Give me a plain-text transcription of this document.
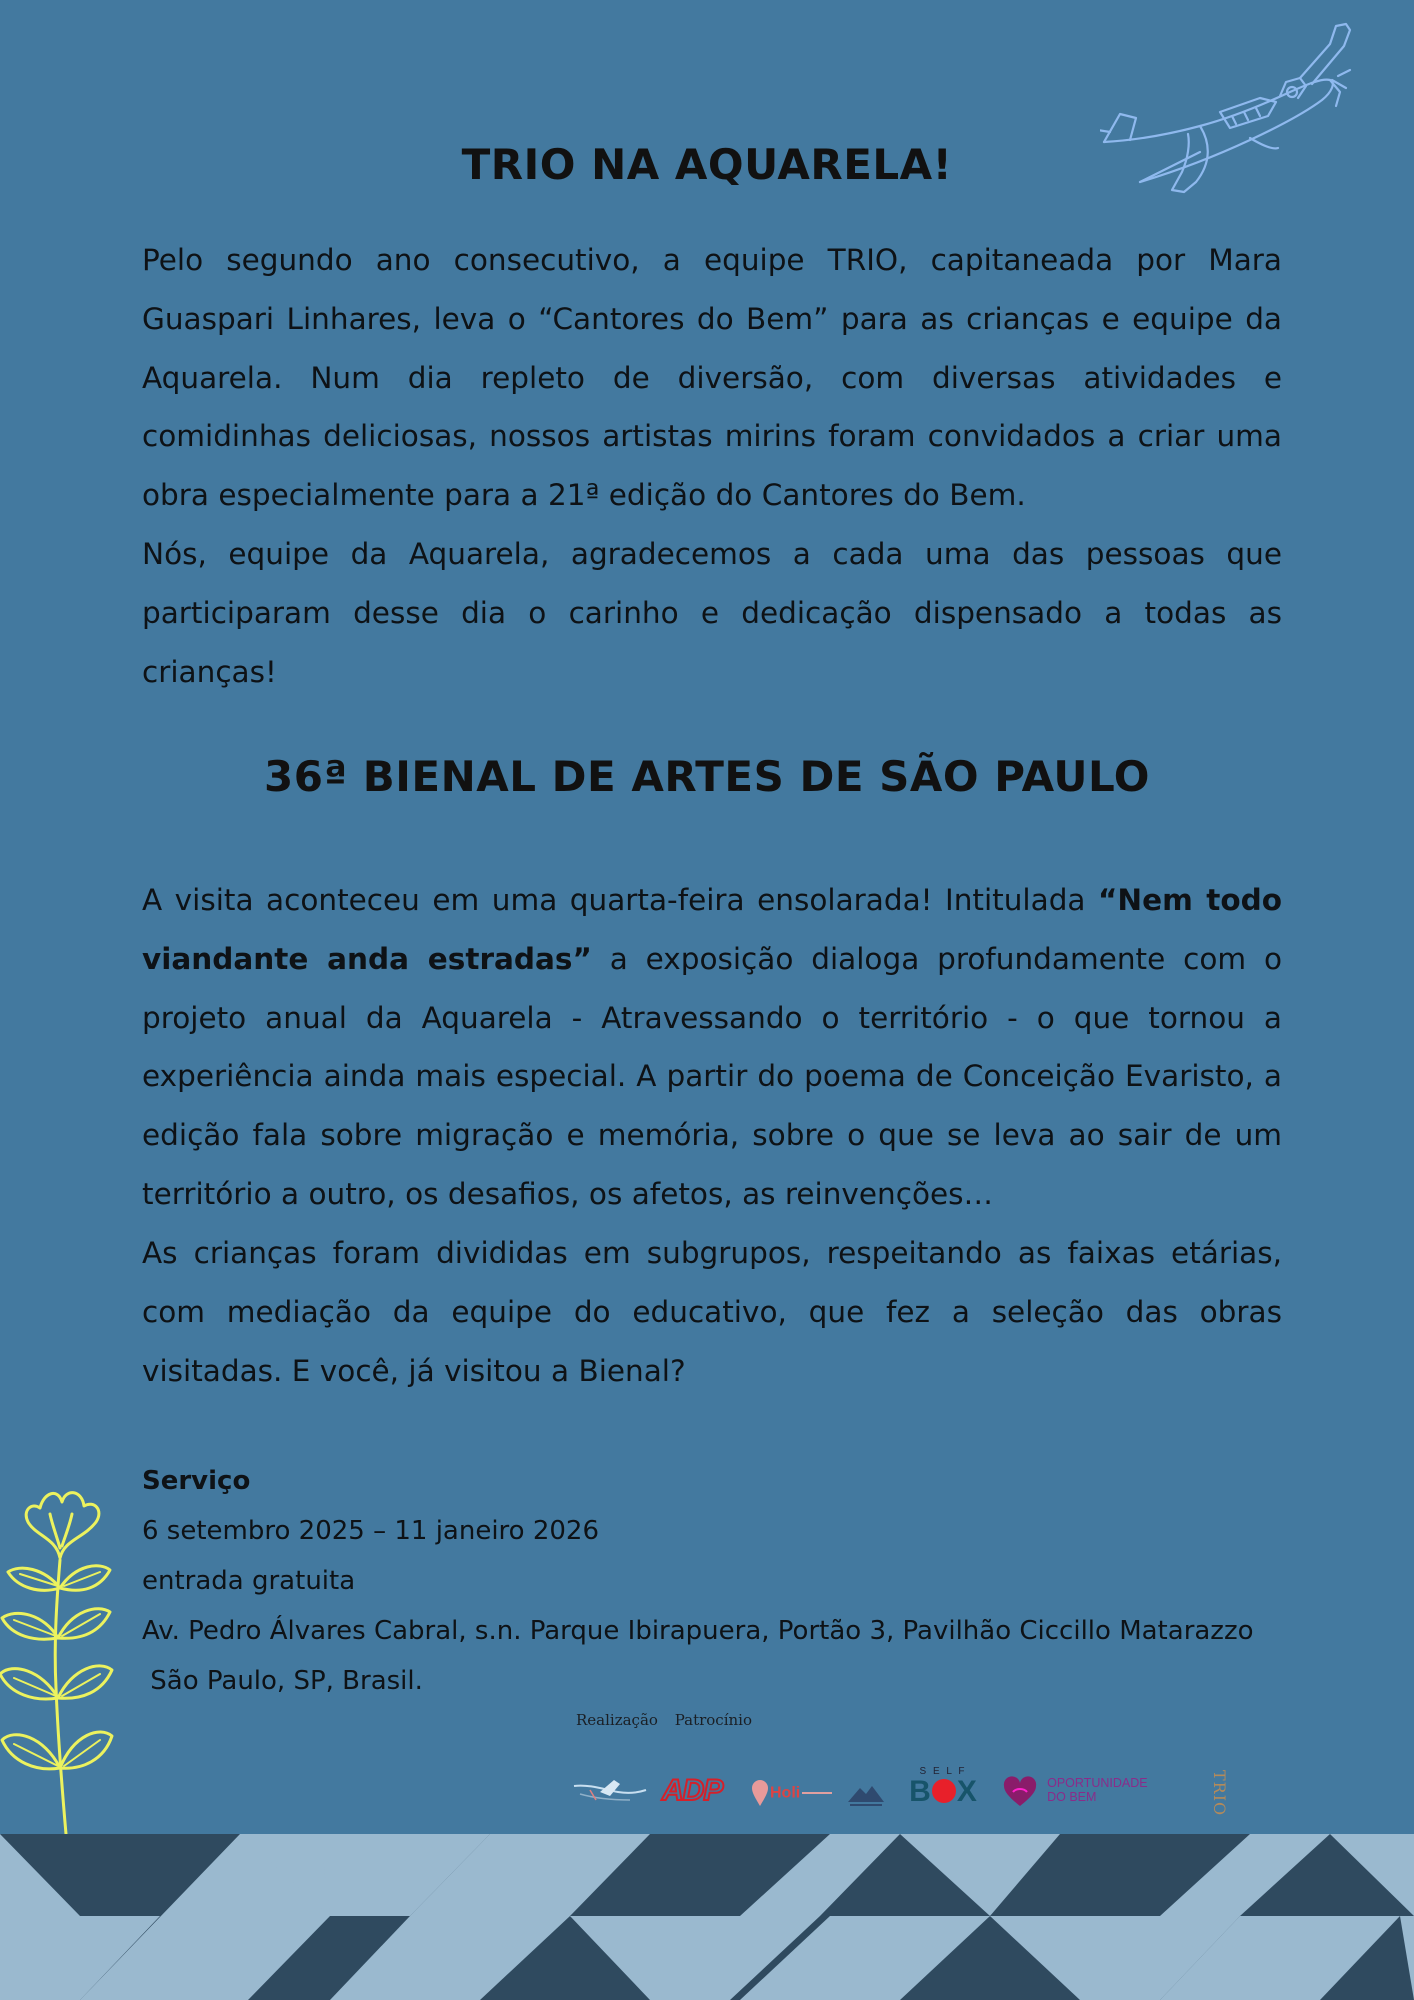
TRIO NA AQUARELA!

Pelo segundo ano consecutivo, a equipe TRIO, capitaneada por Mara Guaspari Linhares, leva o “Cantores do Bem” para as crianças e equipe da Aquarela. Num dia repleto de diversão, com diversas atividades e comidinhas deliciosas, nossos artistas mirins foram convidados a criar uma obra especialmente para a 21ª edição do Cantores do Bem.

Nós, equipe da Aquarela, agradecemos a cada uma das pessoas que participaram desse dia o carinho e dedicação dispensado a todas as crianças!

36ª BIENAL DE ARTES DE SÃO PAULO

A visita aconteceu em uma quarta-feira ensolarada! Intitulada “Nem todo viandante anda estradas” a exposição dialoga profundamente com o projeto anual da Aquarela - Atravessando o território - o que tornou a experiência ainda mais especial. A partir do poema de Conceição Evaristo, a edição fala sobre migração e memória, sobre o que se leva ao sair de um território a outro, os desafios, os afetos, as reinvenções…

As crianças foram divididas em subgrupos, respeitando as faixas etárias, com mediação da equipe do educativo, que fez a seleção das obras visitadas. E você, já visitou a Bienal?

Serviço
6 setembro 2025 – 11 janeiro 2026
entrada gratuita
Av. Pedro Álvares Cabral, s.n. Parque Ibirapuera, Portão 3, Pavilhão Ciccillo Matarazzo
São Paulo, SP, Brasil.
Realização Patrocínio
ADP	Holi
S E L F
B X
	OPORTUNIDADE
DO BEM	TRIO
